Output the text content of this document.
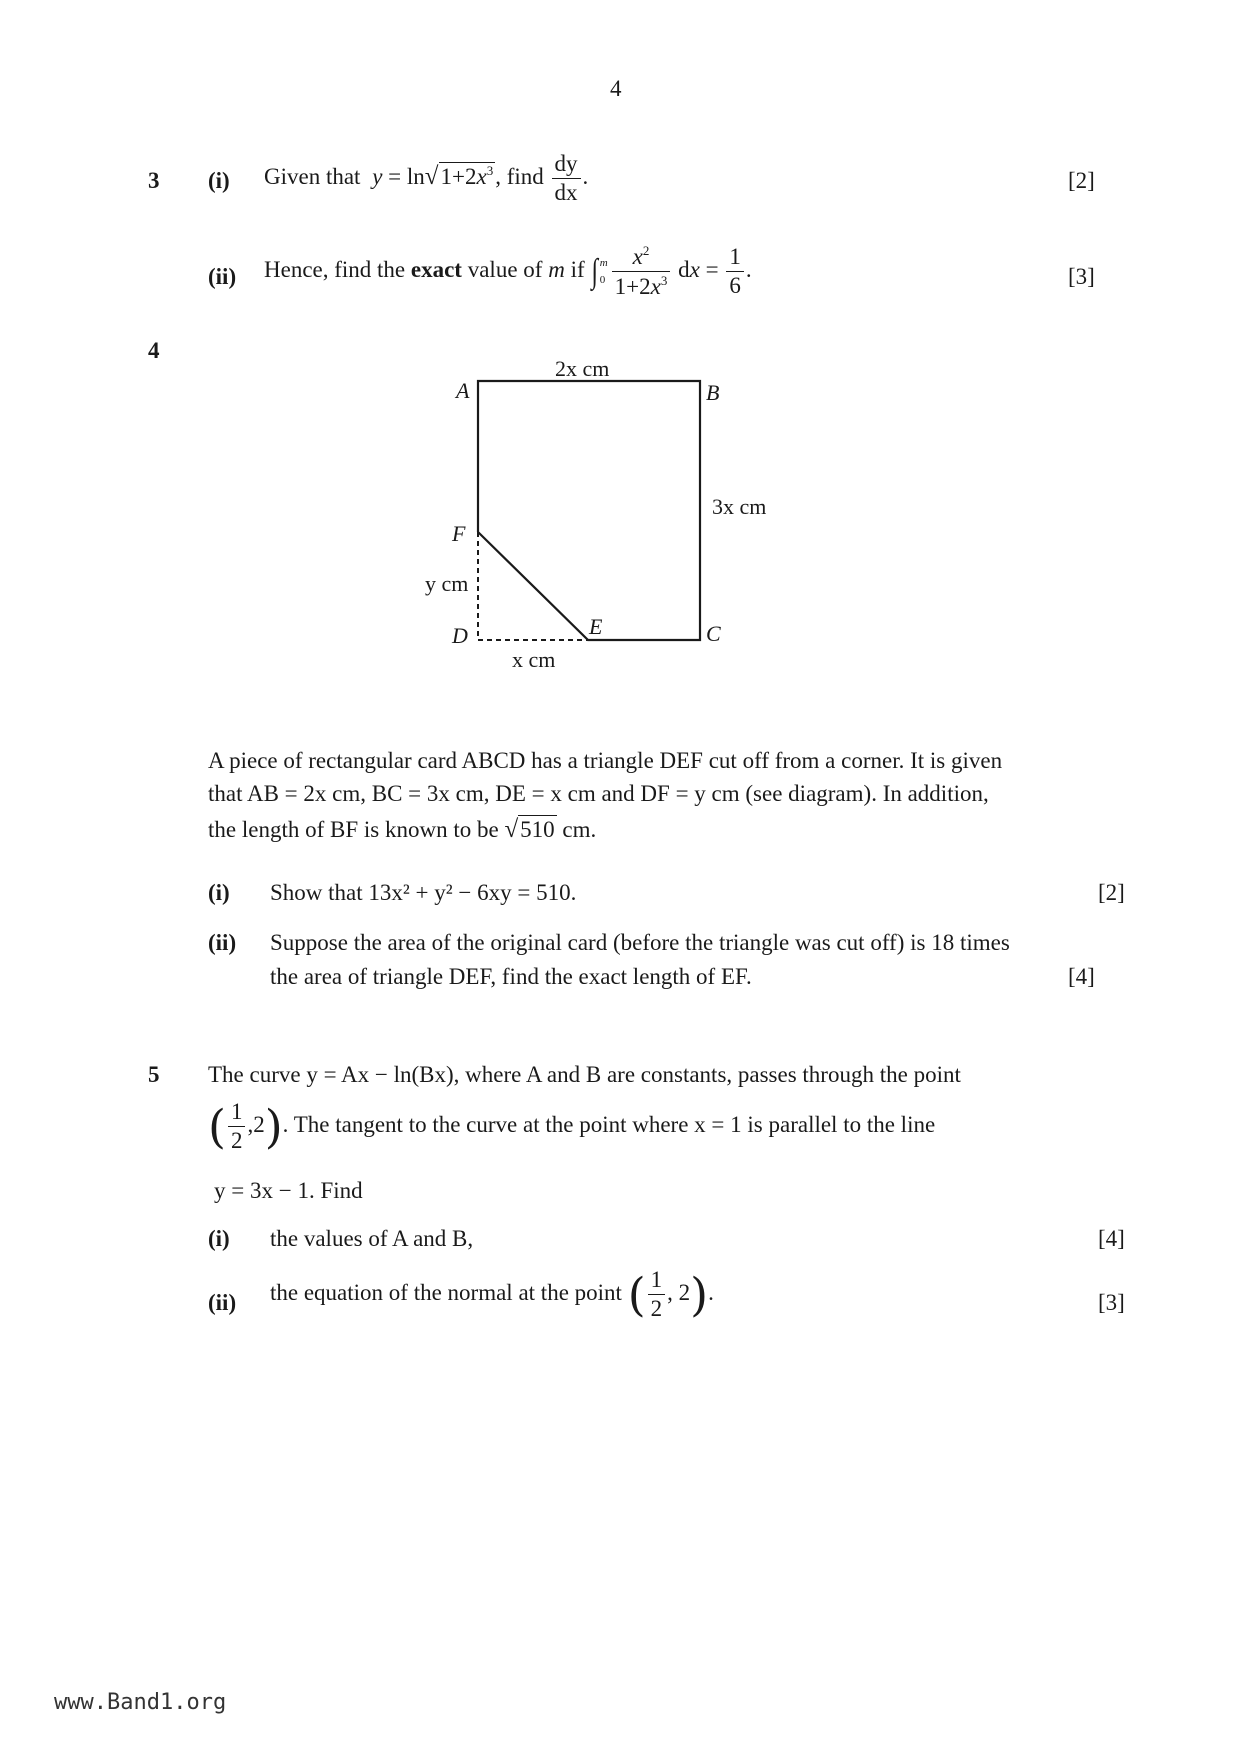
4
3 (i) Given that $y = \ln√1+2x^3$, find $\frac{dy}{dx}$ .	[2]
(ii) Hence, find the exact value of m if ∫m
$0 \frac{x^2}{1+2x^3}$ dx = $\frac{1}{6}$ .	[3]
4
2x cm
3x cm
y cm
x cm
A	B
C
D	E
F
A piece of rectangular card ABCD has a triangle DEF cut off from a corner. It is given
that AB = 2x cm, BC = 3x cm, DE = x cm and DF = y cm (see diagram). In addition,
the length of BF is known to be √510 cm.
(i) Show that 13x² + y² − 6xy = 510.	[2]
(ii) Suppose the area of the original card (before the triangle was cut off) is 18 times
the area of triangle DEF, find the exact length of EF.	[4]
5 The curve y = Ax − ln(Bx), where A and B are constants, passes through the point
( $\frac{1}{2} ,2$). The tangent to the curve at the point where x = 1 is parallel to the line
y = 3x − 1. Find
(i) the values of A and B,	[4]
(ii) the equation of the normal at the point ( $\frac{1}{2}$ , 2).	[3]
www.Band1.org
